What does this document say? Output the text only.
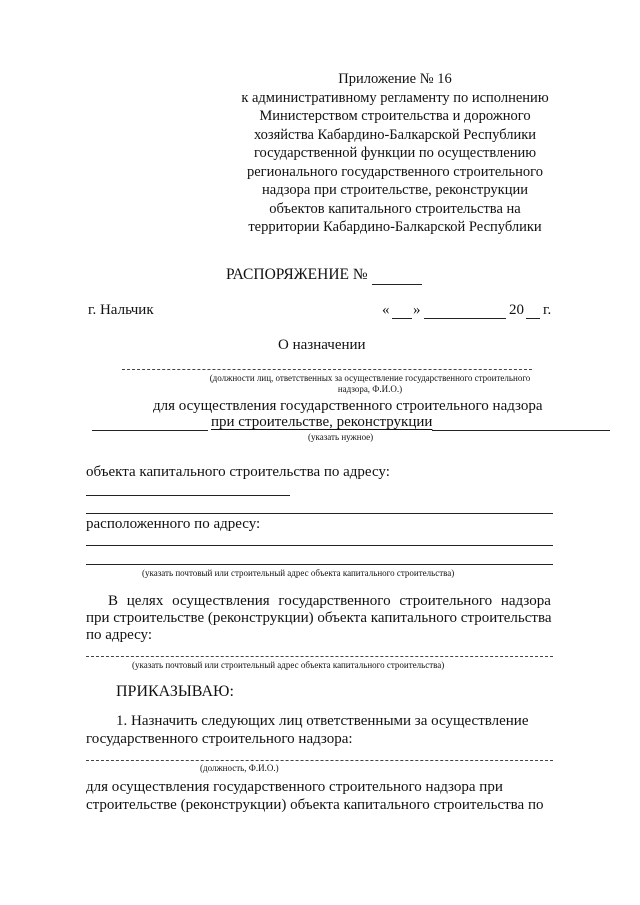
Приложение № 16
к административному регламенту по исполнению
Министерством строительства и дорожного
хозяйства Кабардино-Балкарской Республики
государственной функции по осуществлению
регионального государственного строительного
надзора при строительстве, реконструкции
объектов капитального строительства на
территории Кабардино-Балкарской Республики
РАСПОРЯЖЕНИЕ №
г. Нальчик	« »	20 г.
О назначении
(должности лиц, ответственных за осуществление государственного строительного надзора, Ф.И.О.)
для осуществления государственного строительного надзора
при строительстве, реконструкции
(указать нужное)
объекта капитального строительства по адресу:
расположенного по адресу:
(указать почтовый или строительный адрес объекта капитального строительства)
В целях осуществления государственного строительного надзора
при строительстве (реконструкции) объекта капитального строительства
по адресу:
(указать почтовый или строительный адрес объекта капитального строительства)
ПРИКАЗЫВАЮ:
1. Назначить следующих лиц ответственными за осуществление
государственного строительного надзора:
(должность, Ф.И.О.)
для осуществления государственного строительного надзора при
строительстве (реконструкции) объекта капитального строительства по
